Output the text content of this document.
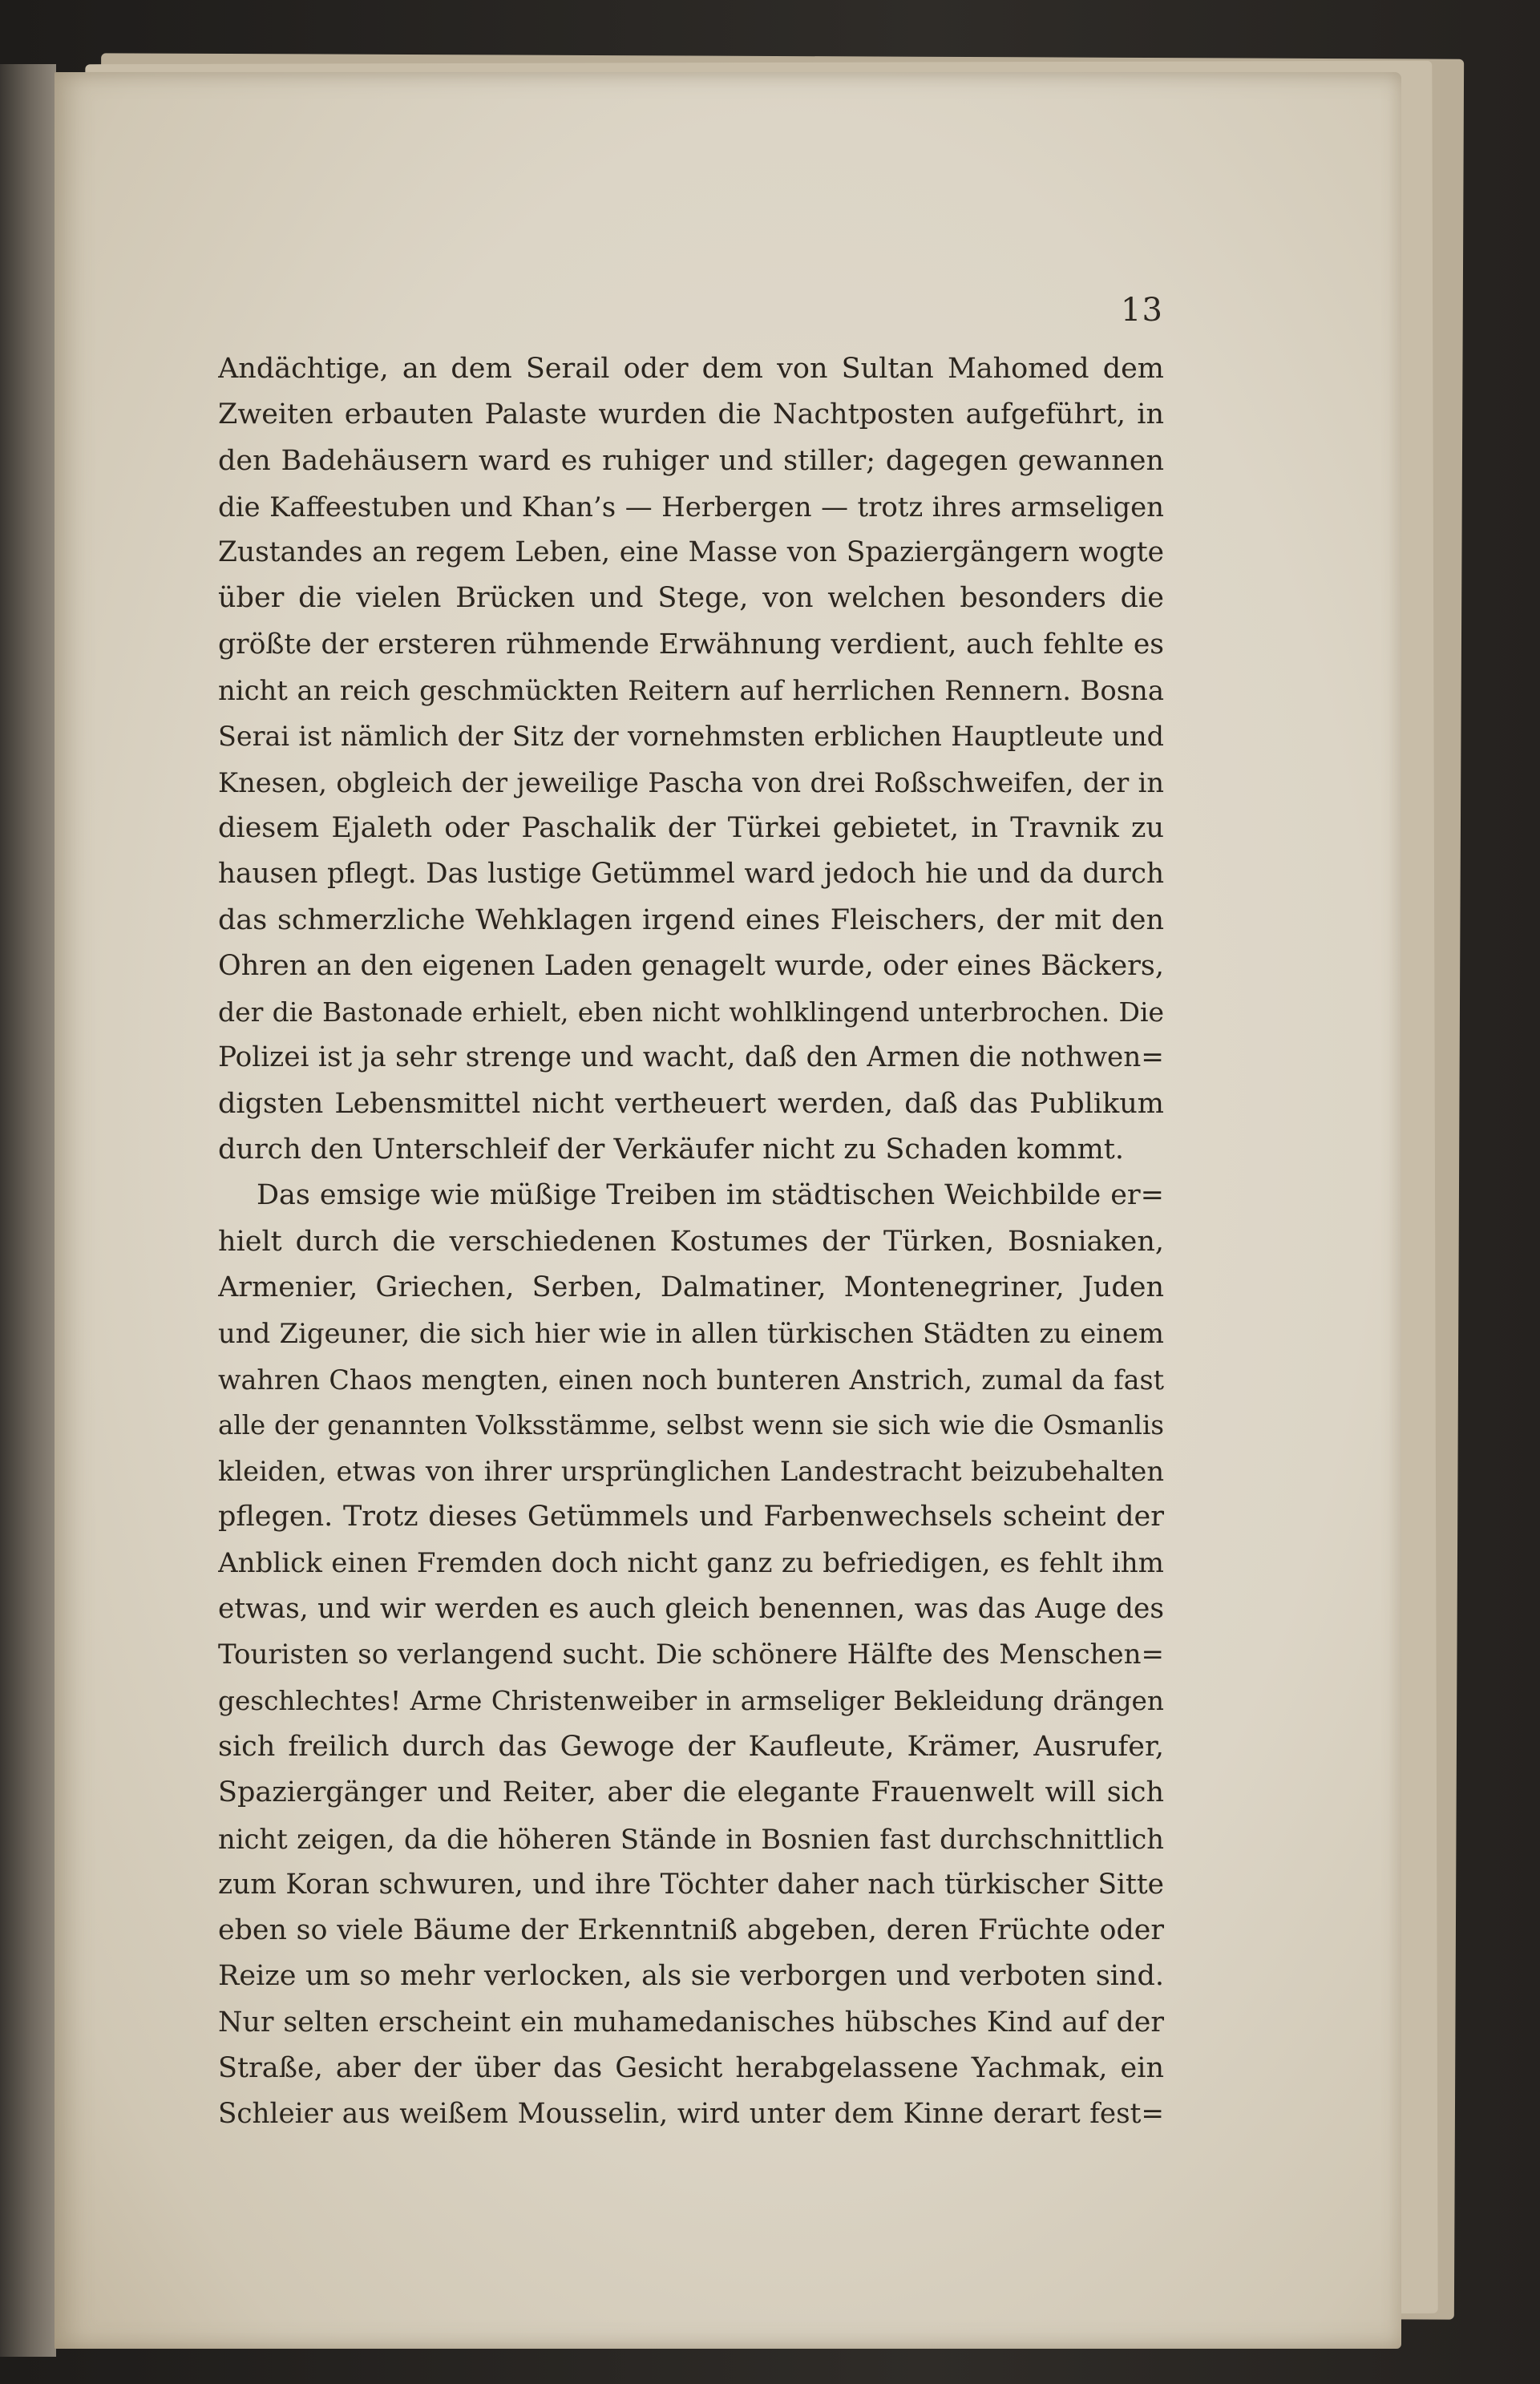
13
Andächtige, an dem Serail oder dem von Sultan Mahomed dem
Zweiten erbauten Palaste wurden die Nachtposten aufgeführt, in
den Badehäusern ward es ruhiger und stiller; dagegen gewannen
die Kaffeestuben und Khan’s — Herbergen — trotz ihres armseligen
Zustandes an regem Leben, eine Masse von Spaziergängern wogte
über die vielen Brücken und Stege, von welchen besonders die
größte der ersteren rühmende Erwähnung verdient, auch fehlte es
nicht an reich geschmückten Reitern auf herrlichen Rennern. Bosna
Serai ist nämlich der Sitz der vornehmsten erblichen Hauptleute und
Knesen, obgleich der jeweilige Pascha von drei Roßschweifen, der in
diesem Ejaleth oder Paschalik der Türkei gebietet, in Travnik zu
hausen pflegt. Das lustige Getümmel ward jedoch hie und da durch
das schmerzliche Wehklagen irgend eines Fleischers, der mit den
Ohren an den eigenen Laden genagelt wurde, oder eines Bäckers,
der die Bastonade erhielt, eben nicht wohlklingend unterbrochen. Die
Polizei ist ja sehr strenge und wacht, daß den Armen die nothwen=
digsten Lebensmittel nicht vertheuert werden, daß das Publikum
durch den Unterschleif der Verkäufer nicht zu Schaden kommt.
Das emsige wie müßige Treiben im städtischen Weichbilde er=
hielt durch die verschiedenen Kostumes der Türken, Bosniaken,
Armenier, Griechen, Serben, Dalmatiner, Montenegriner, Juden
und Zigeuner, die sich hier wie in allen türkischen Städten zu einem
wahren Chaos mengten, einen noch bunteren Anstrich, zumal da fast
alle der genannten Volksstämme, selbst wenn sie sich wie die Osmanlis
kleiden, etwas von ihrer ursprünglichen Landestracht beizubehalten
pflegen. Trotz dieses Getümmels und Farbenwechsels scheint der
Anblick einen Fremden doch nicht ganz zu befriedigen, es fehlt ihm
etwas, und wir werden es auch gleich benennen, was das Auge des
Touristen so verlangend sucht. Die schönere Hälfte des Menschen=
geschlechtes! Arme Christenweiber in armseliger Bekleidung drängen
sich freilich durch das Gewoge der Kaufleute, Krämer, Ausrufer,
Spaziergänger und Reiter, aber die elegante Frauenwelt will sich
nicht zeigen, da die höheren Stände in Bosnien fast durchschnittlich
zum Koran schwuren, und ihre Töchter daher nach türkischer Sitte
eben so viele Bäume der Erkenntniß abgeben, deren Früchte oder
Reize um so mehr verlocken, als sie verborgen und verboten sind.
Nur selten erscheint ein muhamedanisches hübsches Kind auf der
Straße, aber der über das Gesicht herabgelassene Yachmak, ein
Schleier aus weißem Mousselin, wird unter dem Kinne derart fest=
